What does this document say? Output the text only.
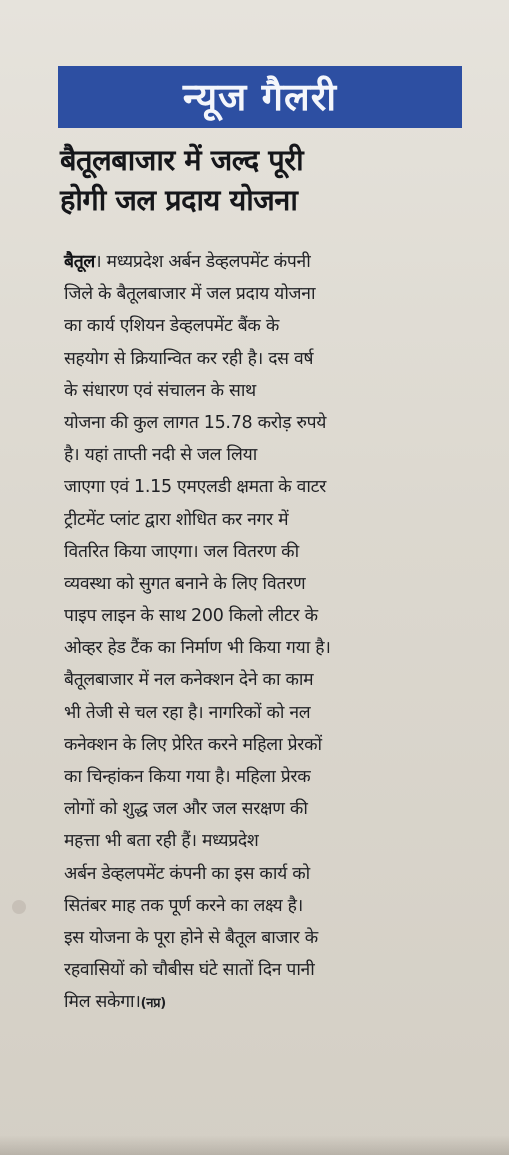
न्यूज गैलरी
बैतूलबाजार में जल्द पूरी
होगी जल प्रदाय योजना
बैतूल। मध्यप्रदेश अर्बन डेव्हलपमेंट कंपनी
जिले के बैतूलबाजार में जल प्रदाय योजना
का कार्य एशियन डेव्हलपमेंट बैंक के
सहयोग से क्रियान्वित कर रही है। दस वर्ष
के संधारण एवं संचालन के साथ
योजना की कुल लागत 15.78 करोड़ रुपये
है। यहां ताप्ती नदी से जल लिया
जाएगा एवं 1.15 एमएलडी क्षमता के वाटर
ट्रीटमेंट प्लांट द्वारा शोधित कर नगर में
वितरित किया जाएगा। जल वितरण की
व्यवस्था को सुगत बनाने के लिए वितरण
पाइप लाइन के साथ 200 किलो लीटर के
ओव्हर हेड टैंक का निर्माण भी किया गया है।
बैतूलबाजार में नल कनेक्शन देने का काम
भी तेजी से चल रहा है। नागरिकों को नल
कनेक्शन के लिए प्रेरित करने महिला प्रेरकों
का चिन्हांकन किया गया है। महिला प्रेरक
लोगों को शुद्ध जल और जल सरक्षण की
महत्ता भी बता रही हैं। मध्यप्रदेश
अर्बन डेव्हलपमेंट कंपनी का इस कार्य को
सितंबर माह तक पूर्ण करने का लक्ष्य है।
इस योजना के पूरा होने से बैतूल बाजार के
रहवासियों को चौबीस घंटे सातों दिन पानी
मिल सकेगा।(नप्र)
